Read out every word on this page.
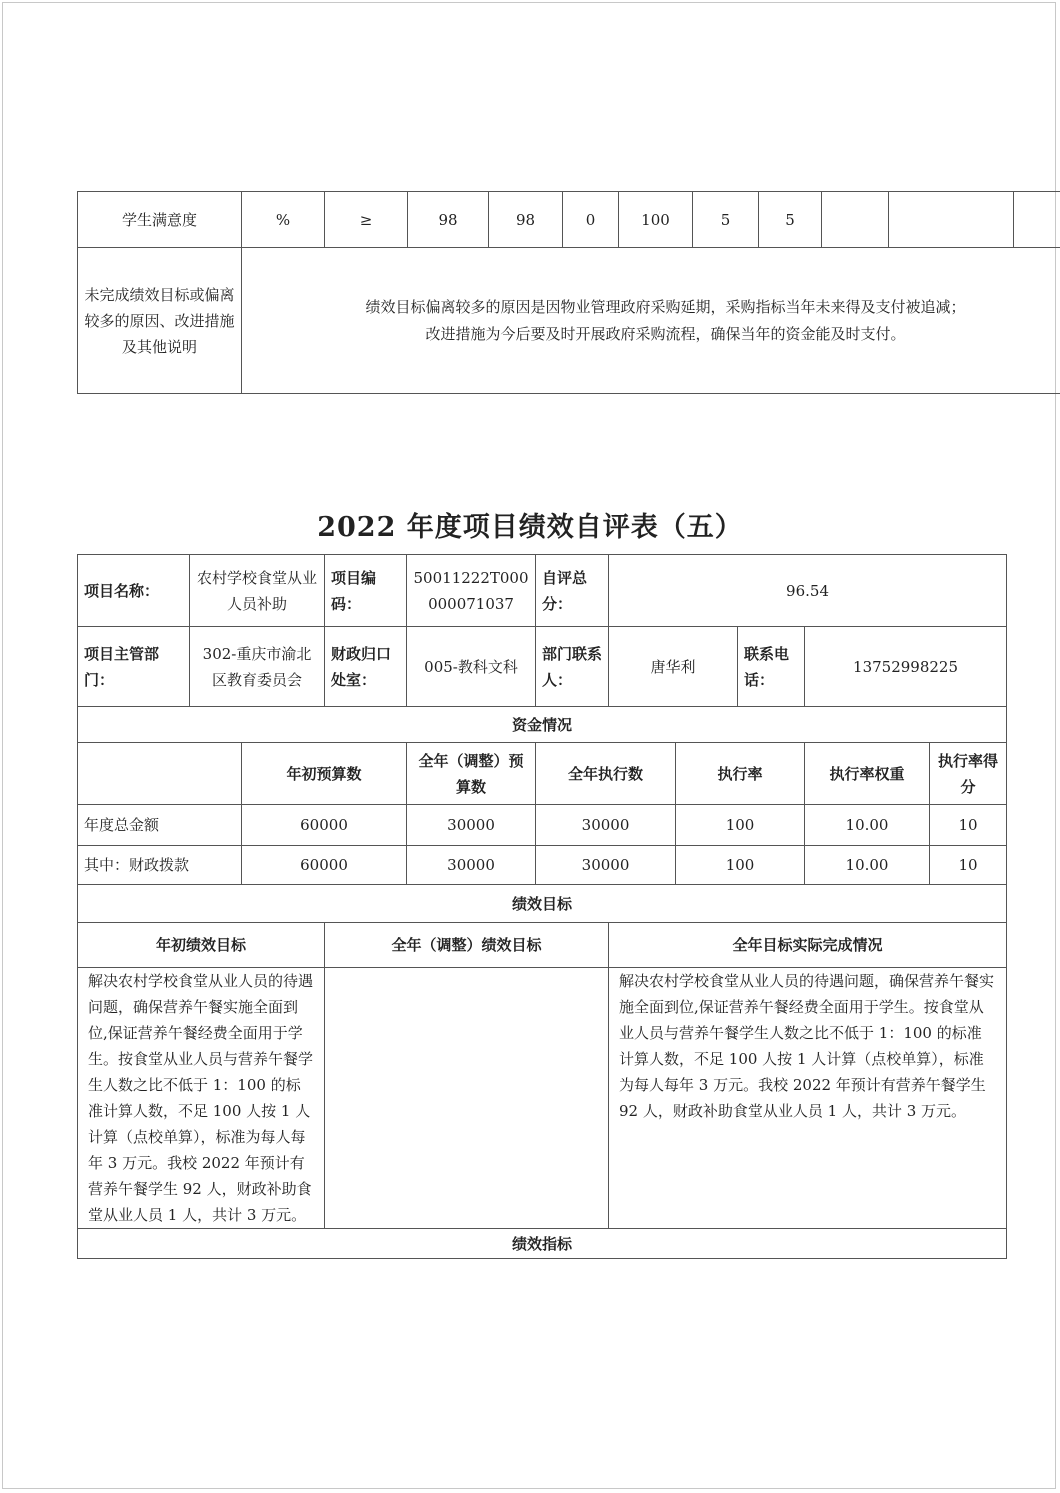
学生满意度	%	≥	98	98	0	100	5	5			
未完成绩效目标或偏离较多的原因、改进措施及其他说明	绩效目标偏离较多的原因是因物业管理政府采购延期，采购指标当年未来得及支付被追减；
改进措施为今后要及时开展政府采购流程，确保当年的资金能及时支付。										
2022 年度项目绩效自评表（五）
项目名称：	农村学校食堂从业人员补助		项目编码：	50011222T000000071037	自评总分：	96.54				
项目主管部门：	302-重庆市渝北区教育委员会		财政归口处室：	005-教科文科	部门联系人：	唐华利		联系电话：	13752998225	
资金情况										
		年初预算数		全年（调整）预算数	全年执行数		执行率		执行率权重	执行率得分
年度总金额		60000		30000	30000		100		10.00	10
其中：财政拨款		60000		30000	30000		100		10.00	10
绩效目标										
年初绩效目标			全年（调整）绩效目标			全年目标实际完成情况				
解决农村学校食堂从业人员的待遇问题，确保营养午餐实施全面到位,保证营养午餐经费全面用于学生。按食堂从业人员与营养午餐学生人数之比不低于 1：100 的标准计算人数，不足 100 人按 1 人计算（点校单算），标准为每人每年 3 万元。我校 2022 年预计有营养午餐学生 92 人，财政补助食堂从业人员 1 人，共计 3 万元。						解决农村学校食堂从业人员的待遇问题，确保营养午餐实施全面到位,保证营养午餐经费全面用于学生。按食堂从业人员与营养午餐学生人数之比不低于 1：100 的标准计算人数，不足 100 人按 1 人计算（点校单算），标准为每人每年 3 万元。我校 2022 年预计有营养午餐学生 92 人，财政补助食堂从业人员 1 人，共计 3 万元。				
绩效指标										
